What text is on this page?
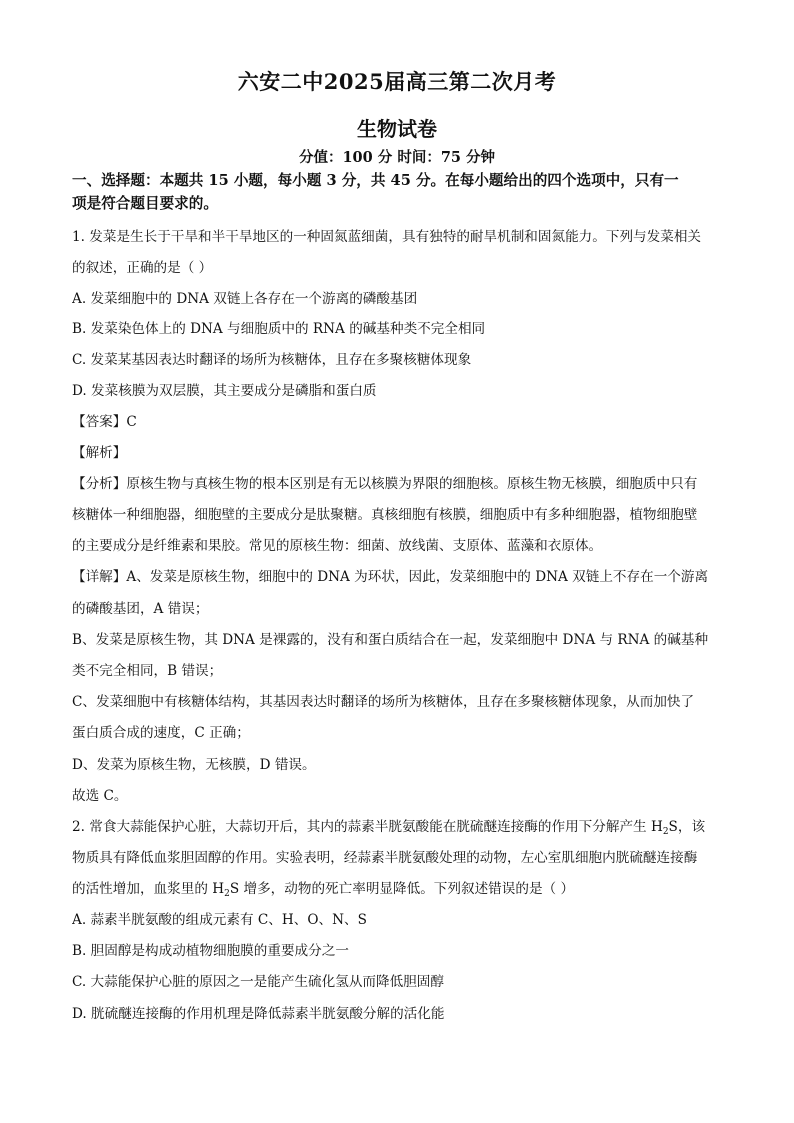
六安二中2025届高三第二次月考
生物试卷
分值：100 分 时间：75 分钟
一、选择题：本题共 15 小题，每小题 3 分，共 45 分。在每小题给出的四个选项中，只有一
项是符合题目要求的。
1. 发菜是生长于干旱和半干旱地区的一种固氮蓝细菌，具有独特的耐旱机制和固氮能力。下列与发菜相关
的叙述，正确的是（ ）
A. 发菜细胞中的 DNA 双链上各存在一个游离的磷酸基团
B. 发菜染色体上的 DNA 与细胞质中的 RNA 的碱基种类不完全相同
C. 发菜某基因表达时翻译的场所为核糖体，且存在多聚核糖体现象
D. 发菜核膜为双层膜，其主要成分是磷脂和蛋白质
【答案】C
【解析】
【分析】原核生物与真核生物的根本区别是有无以核膜为界限的细胞核。原核生物无核膜，细胞质中只有
核糖体一种细胞器，细胞壁的主要成分是肽聚糖。真核细胞有核膜，细胞质中有多种细胞器，植物细胞壁
的主要成分是纤维素和果胶。常见的原核生物：细菌、放线菌、支原体、蓝藻和衣原体。
【详解】A、发菜是原核生物，细胞中的 DNA 为环状，因此，发菜细胞中的 DNA 双链上不存在一个游离
的磷酸基团，A 错误；
B、发菜是原核生物，其 DNA 是裸露的，没有和蛋白质结合在一起，发菜细胞中 DNA 与 RNA 的碱基种
类不完全相同，B 错误；
C、发菜细胞中有核糖体结构，其基因表达时翻译的场所为核糖体，且存在多聚核糖体现象，从而加快了
蛋白质合成的速度，C 正确；
D、发菜为原核生物，无核膜，D 错误。
故选 C。
2. 常食大蒜能保护心脏，大蒜切开后，其内的蒜素半胱氨酸能在胱硫醚连接酶的作用下分解产生 $H_2S$，该
物质具有降低血浆胆固醇的作用。实验表明，经蒜素半胱氨酸处理的动物，左心室肌细胞内胱硫醚连接酶
的活性增加，血浆里的 $H_2S$ 增多，动物的死亡率明显降低。下列叙述错误的是（ ）
A. 蒜素半胱氨酸的组成元素有 C、H、O、N、S
B. 胆固醇是构成动植物细胞膜的重要成分之一
C. 大蒜能保护心脏的原因之一是能产生硫化氢从而降低胆固醇
D. 胱硫醚连接酶的作用机理是降低蒜素半胱氨酸分解的活化能
